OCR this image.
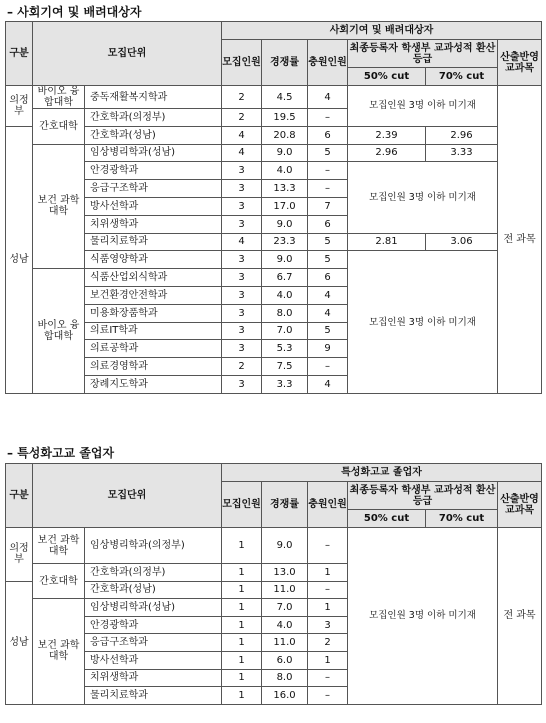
– 사회기여 및 배려대상자
구분	모집단위		사회기여 및 배려대상자					
			모집인원	경쟁률	충원인원	최종등록자 학생부 교과성적 환산등급		산출반영교과목
						50% cut	70% cut	
의정부	바이오 융합대학	중독재활복지학과	2	4.5	4	모집인원 3명 이하 미기재		전 과목
	간호대학	간호학과(의정부)	2	19.5	–			
성남		간호학과(성남)	4	20.8	6	2.39	2.96	
	보건 과학대학	임상병리학과(성남)	4	9.0	5	2.96	3.33	
		안경광학과	3	4.0	–	모집인원 3명 이하 미기재		
		응급구조학과	3	13.3	–			
		방사선학과	3	17.0	7			
		치위생학과	3	9.0	6			
		물리치료학과	4	23.3	5	2.81	3.06	
		식품영양학과	3	9.0	5	모집인원 3명 이하 미기재		
	바이오 융합대학	식품산업외식학과	3	6.7	6			
		보건환경안전학과	3	4.0	4			
		미용화장품학과	3	8.0	4			
		의료IT학과	3	7.0	5			
		의료공학과	3	5.3	9			
		의료경영학과	2	7.5	–			
		장례지도학과	3	3.3	4			
– 특성화고교 졸업자
구분	모집단위		특성화고교 졸업자					
			모집인원	경쟁률	충원인원	최종등록자 학생부 교과성적 환산등급		산출반영교과목
						50% cut	70% cut	
의정부	보건 과학대학	임상병리학과(의정부)	1	9.0	–	모집인원 3명 이하 미기재		전 과목
	간호대학	간호학과(의정부)	1	13.0	1			
성남		간호학과(성남)	1	11.0	–			
	보건 과학대학	임상병리학과(성남)	1	7.0	1			
		안경광학과	1	4.0	3			
		응급구조학과	1	11.0	2			
		방사선학과	1	6.0	1			
		치위생학과	1	8.0	–			
		물리치료학과	1	16.0	–			
